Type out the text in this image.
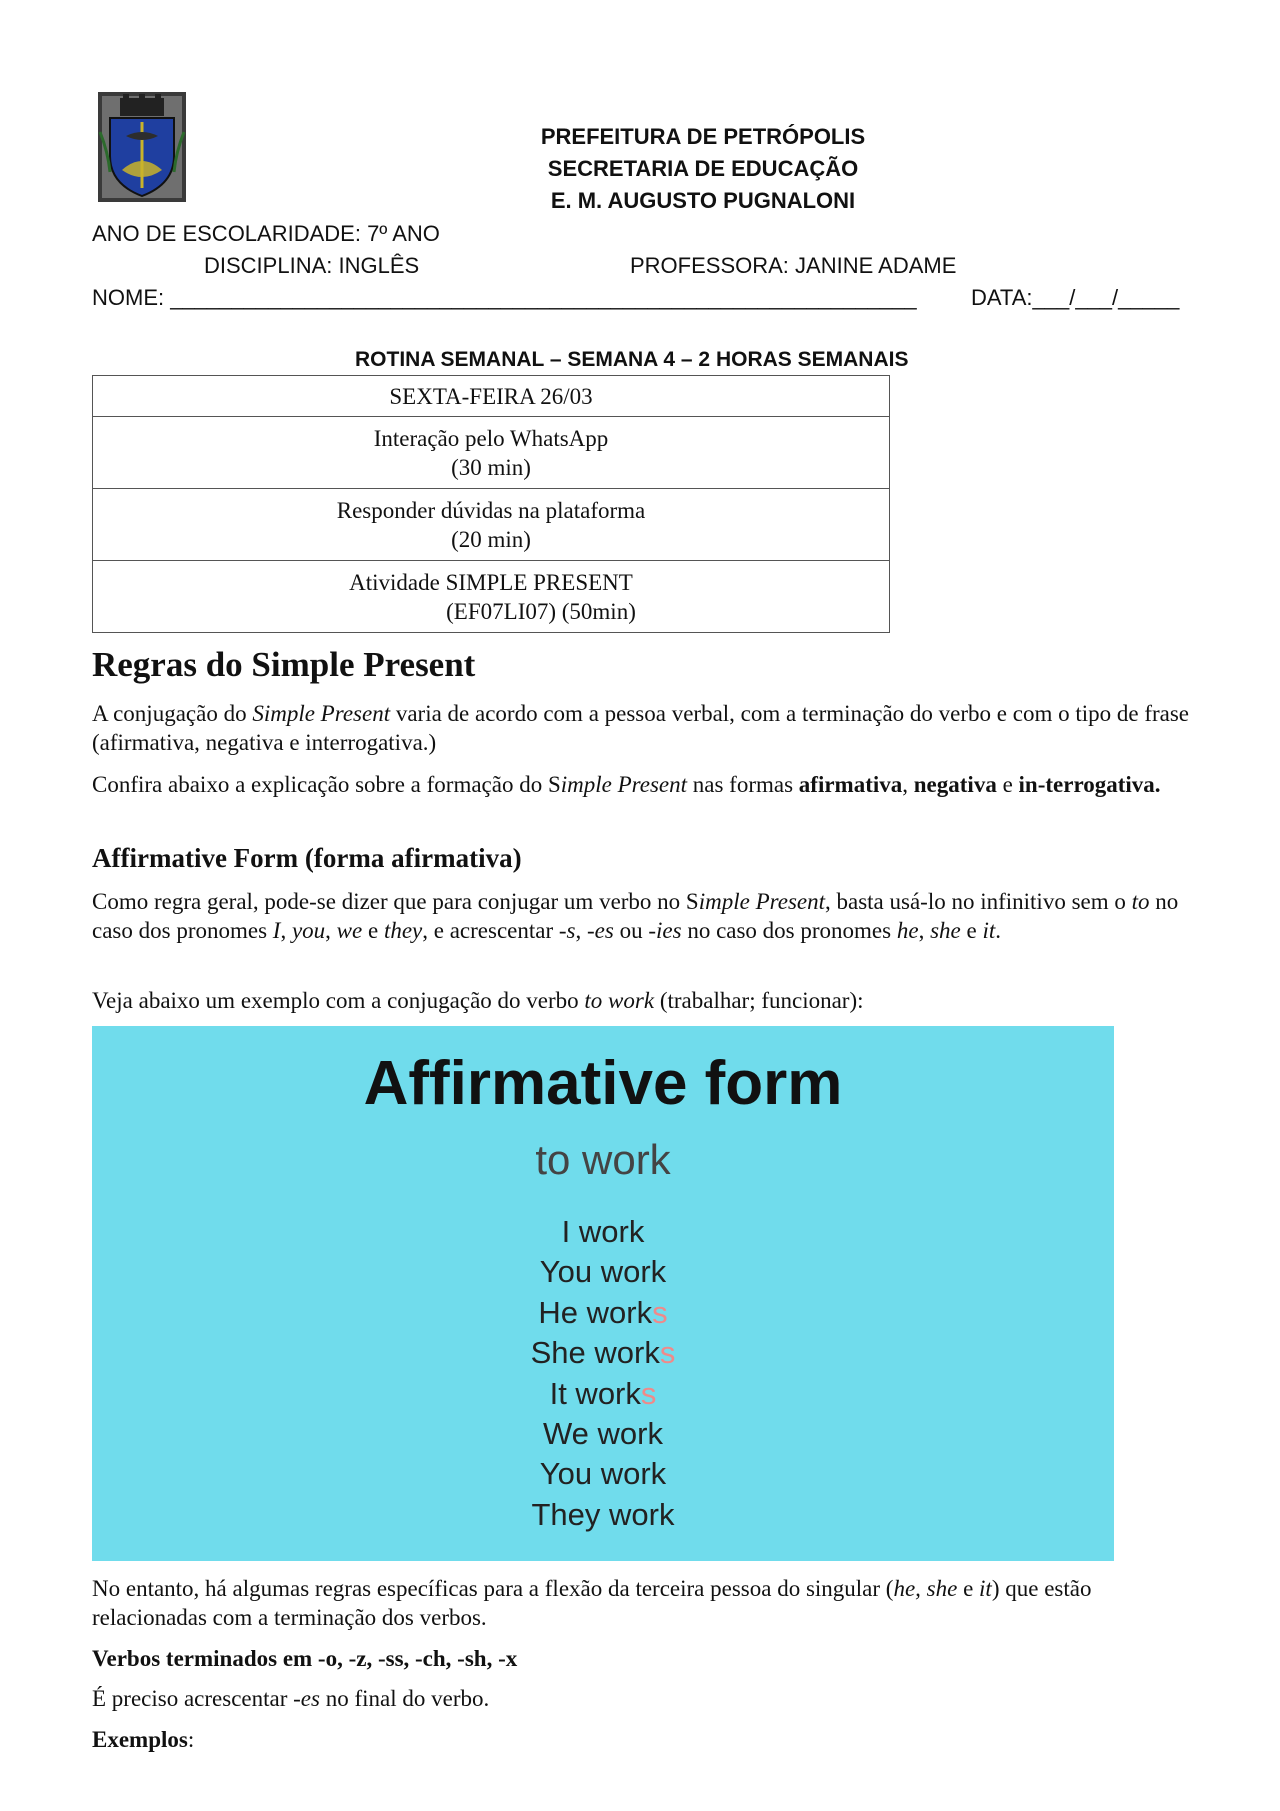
PREFEITURA DE PETRÓPOLIS
SECRETARIA DE EDUCAÇÃO
E. M. AUGUSTO PUGNALONI
ANO DE ESCOLARIDADE: 7º ANO
DISCIPLINA: INGLÊS	PROFESSORA: JANINE ADAME
NOME: _____________________________________________________________ DATA:___/___/_____
ROTINA SEMANAL – SEMANA 4 – 2 HORAS SEMANAIS
SEXTA-FEIRA 26/03

Interação pelo WhatsApp
(30 min)

Responder dúvidas na plataforma
(20 min)

Atividade SIMPLE PRESENT
(EF07LI07) (50min)
Regras do Simple Present

A conjugação do Simple Present varia de acordo com a pessoa verbal, com a terminação do verbo e com o tipo de frase (afirmativa, negativa e interrogativa.)

Confira abaixo a explicação sobre a formação do Simple Present nas formas afirmativa, negativa e in-terrogativa.

Affirmative Form (forma afirmativa)

Como regra geral, pode-se dizer que para conjugar um verbo no Simple Present, basta usá-lo no infinitivo sem o to no caso dos pronomes I, you, we e they, e acrescentar -s, -es ou -ies no caso dos pronomes he, she e it.

Veja abaixo um exemplo com a conjugação do verbo to work (trabalhar; funcionar):

Affirmative form
to work
I work
You work
He works
She works
It works
We work
You work
They work

No entanto, há algumas regras específicas para a flexão da terceira pessoa do singular (he, she e it) que estão relacionadas com a terminação dos verbos.

Verbos terminados em -o, -z, -ss, -ch, -sh, -x

É preciso acrescentar -es no final do verbo.

Exemplos:
